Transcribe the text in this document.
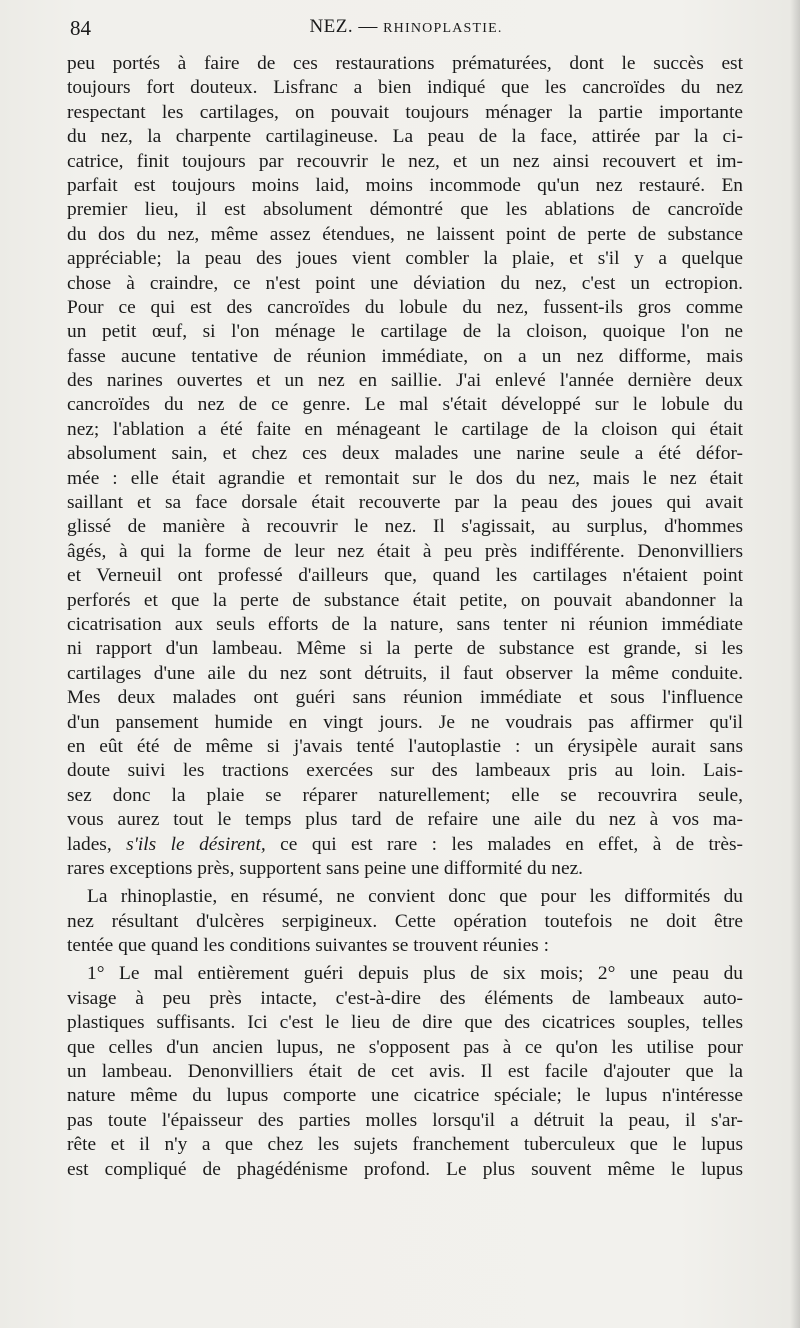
84	NEZ. — RHINOPLASTIE.
peu portés à faire de ces restaurations prématurées, dont le succès est
toujours fort douteux. Lisfranc a bien indiqué que les cancroïdes du nez
respectant les cartilages, on pouvait toujours ménager la partie importante
du nez, la charpente cartilagineuse. La peau de la face, attirée par la ci-
catrice, finit toujours par recouvrir le nez, et un nez ainsi recouvert et im-
parfait est toujours moins laid, moins incommode qu'un nez restauré. En
premier lieu, il est absolument démontré que les ablations de cancroïde
du dos du nez, même assez étendues, ne laissent point de perte de substance
appréciable; la peau des joues vient combler la plaie, et s'il y a quelque
chose à craindre, ce n'est point une déviation du nez, c'est un ectropion.
Pour ce qui est des cancroïdes du lobule du nez, fussent-ils gros comme
un petit œuf, si l'on ménage le cartilage de la cloison, quoique l'on ne
fasse aucune tentative de réunion immédiate, on a un nez difforme, mais
des narines ouvertes et un nez en saillie. J'ai enlevé l'année dernière deux
cancroïdes du nez de ce genre. Le mal s'était développé sur le lobule du
nez; l'ablation a été faite en ménageant le cartilage de la cloison qui était
absolument sain, et chez ces deux malades une narine seule a été défor-
mée : elle était agrandie et remontait sur le dos du nez, mais le nez était
saillant et sa face dorsale était recouverte par la peau des joues qui avait
glissé de manière à recouvrir le nez. Il s'agissait, au surplus, d'hommes
âgés, à qui la forme de leur nez était à peu près indifférente. Denonvilliers
et Verneuil ont professé d'ailleurs que, quand les cartilages n'étaient point
perforés et que la perte de substance était petite, on pouvait abandonner la
cicatrisation aux seuls efforts de la nature, sans tenter ni réunion immédiate
ni rapport d'un lambeau. Même si la perte de substance est grande, si les
cartilages d'une aile du nez sont détruits, il faut observer la même conduite.
Mes deux malades ont guéri sans réunion immédiate et sous l'influence
d'un pansement humide en vingt jours. Je ne voudrais pas affirmer qu'il
en eût été de même si j'avais tenté l'autoplastie : un érysipèle aurait sans
doute suivi les tractions exercées sur des lambeaux pris au loin. Lais-
sez donc la plaie se réparer naturellement; elle se recouvrira seule,
vous aurez tout le temps plus tard de refaire une aile du nez à vos ma-
lades, s'ils le désirent, ce qui est rare : les malades en effet, à de très-
rares exceptions près, supportent sans peine une difformité du nez.
La rhinoplastie, en résumé, ne convient donc que pour les difformités du
nez résultant d'ulcères serpigineux. Cette opération toutefois ne doit être
tentée que quand les conditions suivantes se trouvent réunies :
1° Le mal entièrement guéri depuis plus de six mois; 2° une peau du
visage à peu près intacte, c'est-à-dire des éléments de lambeaux auto-
plastiques suffisants. Ici c'est le lieu de dire que des cicatrices souples, telles
que celles d'un ancien lupus, ne s'opposent pas à ce qu'on les utilise pour
un lambeau. Denonvilliers était de cet avis. Il est facile d'ajouter que la
nature même du lupus comporte une cicatrice spéciale; le lupus n'intéresse
pas toute l'épaisseur des parties molles lorsqu'il a détruit la peau, il s'ar-
rête et il n'y a que chez les sujets franchement tuberculeux que le lupus
est compliqué de phagédénisme profond. Le plus souvent même le lupus
